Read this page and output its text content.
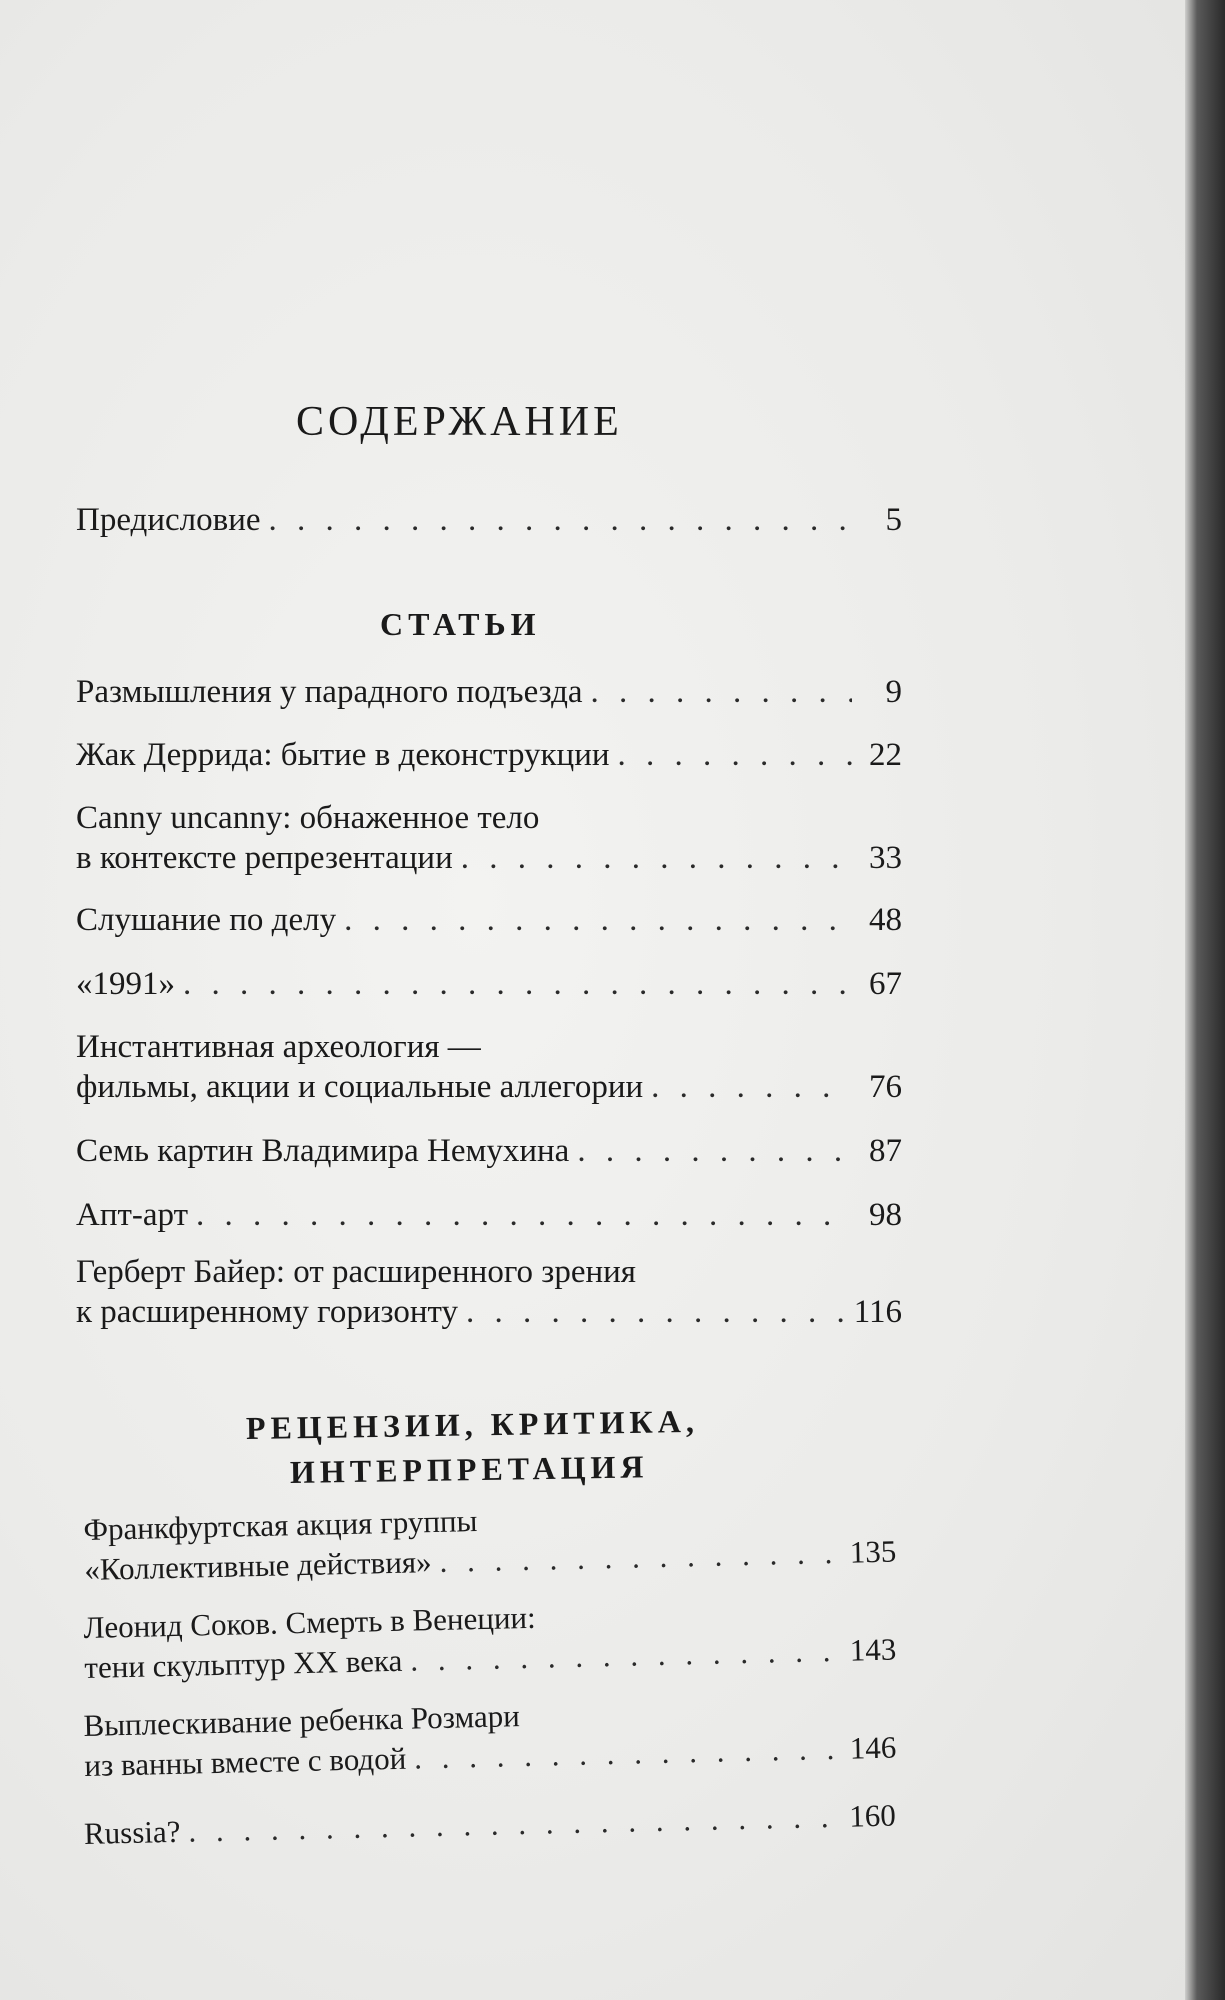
СОДЕРЖАНИЕ
Предисловие . . .	5
СТАТЬИ
Размышления у парадного подъезда . . .	9
Жак Деррида: бытие в деконструкции . . .	22
Canny uncanny: обнаженное тело
в контексте репрезентации . . .	33
Слушание по делу . . .	48
«1991» . . .	67
Инстантивная археология —
фильмы, акции и социальные аллегории . . .	76
Семь картин Владимира Немухина . . .	87
Апт-арт . . .	98
Герберт Байер: от расширенного зрения
к расширенному горизонту . . .	116
РЕЦЕНЗИИ, КРИТИКА,
ИНТЕРПРЕТАЦИЯ
Франкфуртская акция группы
«Коллективные действия» . . .	135
Леонид Соков. Смерть в Венеции:
тени скульптур XX века . . .	143
Выплескивание ребенка Розмари
из ванны вместе с водой . . .	146
Russia? . . .	160
